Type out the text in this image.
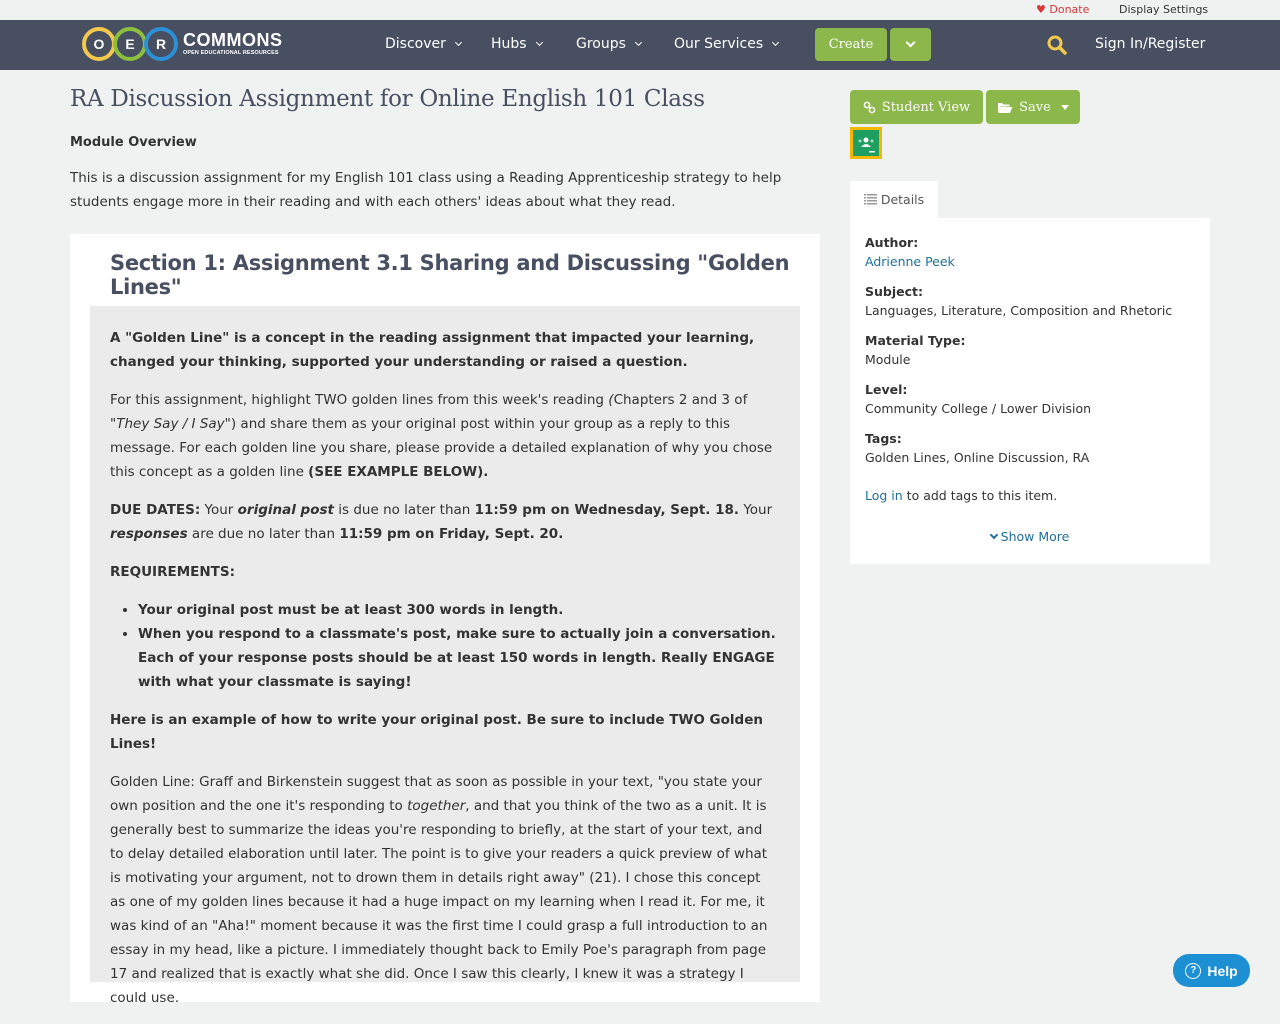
♥ Donate	Display Settings
O	E	R COMMONS
OPEN EDUCATIONAL RESOURCES
Discover	Hubs	Groups	Our Services	Create	Sign In/Register
RA Discussion Assignment for Online English 101 Class
Module Overview
This is a discussion assignment for my English 101 class using a Reading Apprenticeship strategy to help students engage more in their reading and with each others' ideas about what they read.
Section 1: Assignment 3.1 Sharing and Discussing "Golden Lines"

A "Golden Line" is a concept in the reading assignment that impacted your learning, changed your thinking, supported your understanding or raised a question.

For this assignment, highlight TWO golden lines from this week's reading (Chapters 2 and 3 of "They Say / I Say") and share them as your original post within your group as a reply to this message. For each golden line you share, please provide a detailed explanation of why you chose this concept as a golden line (SEE EXAMPLE BELOW).

DUE DATES: Your original post is due no later than 11:59 pm on Wednesday, Sept. 18. Your responses are due no later than 11:59 pm on Friday, Sept. 20.

REQUIREMENTS:

• Your original post must be at least 300 words in length.
• When you respond to a classmate's post, make sure to actually join a conversation. Each of your response posts should be at least 150 words in length. Really ENGAGE with what your classmate is saying!

Here is an example of how to write your original post. Be sure to include TWO Golden Lines!

Golden Line: Graff and Birkenstein suggest that as soon as possible in your text, "you state your own position and the one it's responding to together, and that you think of the two as a unit. It is generally best to summarize the ideas you're responding to briefly, at the start of your text, and to delay detailed elaboration until later. The point is to give your readers a quick preview of what is motivating your argument, not to drown them in details right away" (21). I chose this concept as one of my golden lines because it had a huge impact on my learning when I read it. For me, it was kind of an "Aha!" moment because it was the first time I could grasp a full introduction to an essay in my head, like a picture. I immediately thought back to Emily Poe's paragraph from page 17 and realized that is exactly what she did. Once I saw this clearly, I knew it was a strategy I could use.

Student View	Save
Details
Author:
Adrienne Peek
Subject:
Languages, Literature, Composition and Rhetoric
Material Type:
Module
Level:
Community College / Lower Division
Tags:
Golden Lines, Online Discussion, RA
Log in to add tags to this item.
Show More
? Help
